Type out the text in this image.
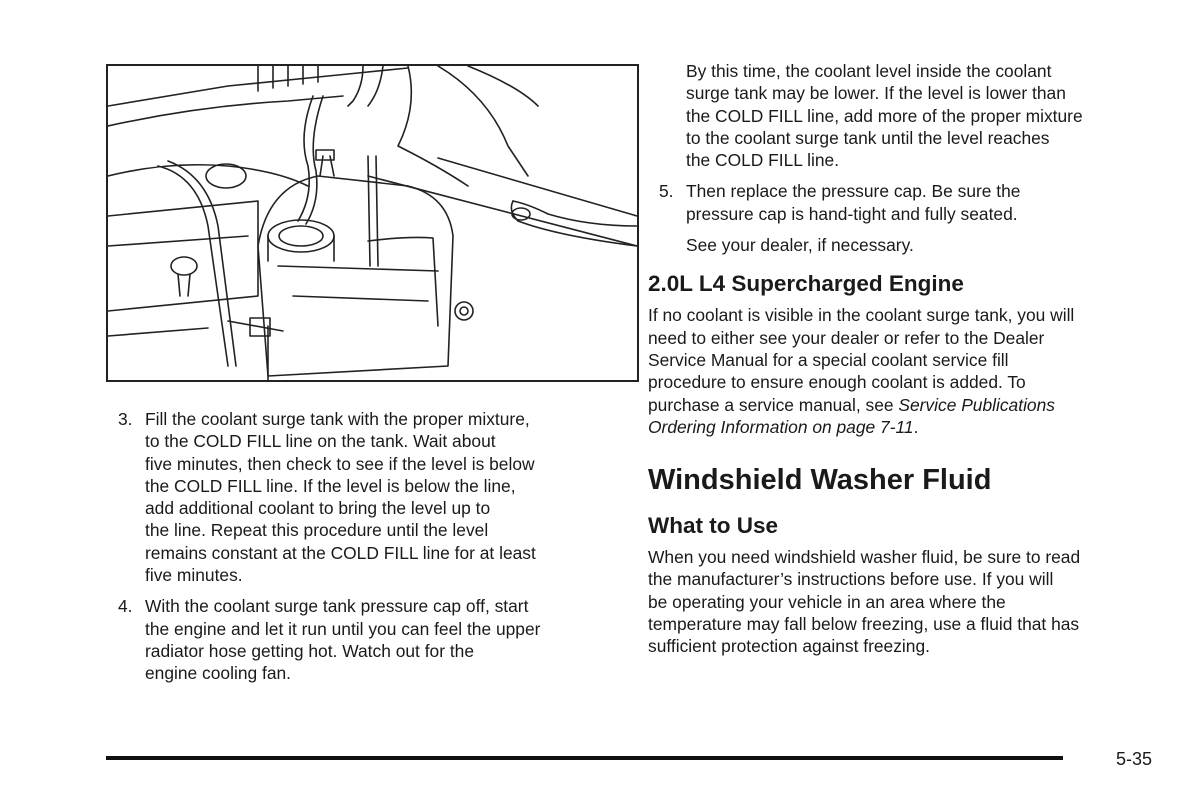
3. Fill the coolant surge tank with the proper mixture,

to the COLD FILL line on the tank. Wait about

five minutes, then check to see if the level is below

the COLD FILL line. If the level is below the line,

add additional coolant to bring the level up to

the line. Repeat this procedure until the level

remains constant at the COLD FILL line for at least

five minutes.

4. With the coolant surge tank pressure cap off, start

the engine and let it run until you can feel the upper

radiator hose getting hot. Watch out for the

engine cooling fan.

By this time, the coolant level inside the coolant

surge tank may be lower. If the level is lower than

the COLD FILL line, add more of the proper mixture

to the coolant surge tank until the level reaches

the COLD FILL line.

5. Then replace the pressure cap. Be sure the

pressure cap is hand-tight and fully seated.

See your dealer, if necessary.
2.0L L4 Supercharged Engine
If no coolant is visible in the coolant surge tank, you will
need to either see your dealer or refer to the Dealer
Service Manual for a special coolant service fill
procedure to ensure enough coolant is added. To
purchase a service manual, see Service Publications
Ordering Information on page 7-11.
Windshield Washer Fluid
What to Use
When you need windshield washer fluid, be sure to read
the manufacturer’s instructions before use. If you will
be operating your vehicle in an area where the
temperature may fall below freezing, use a fluid that has
sufficient protection against freezing.
5-35
